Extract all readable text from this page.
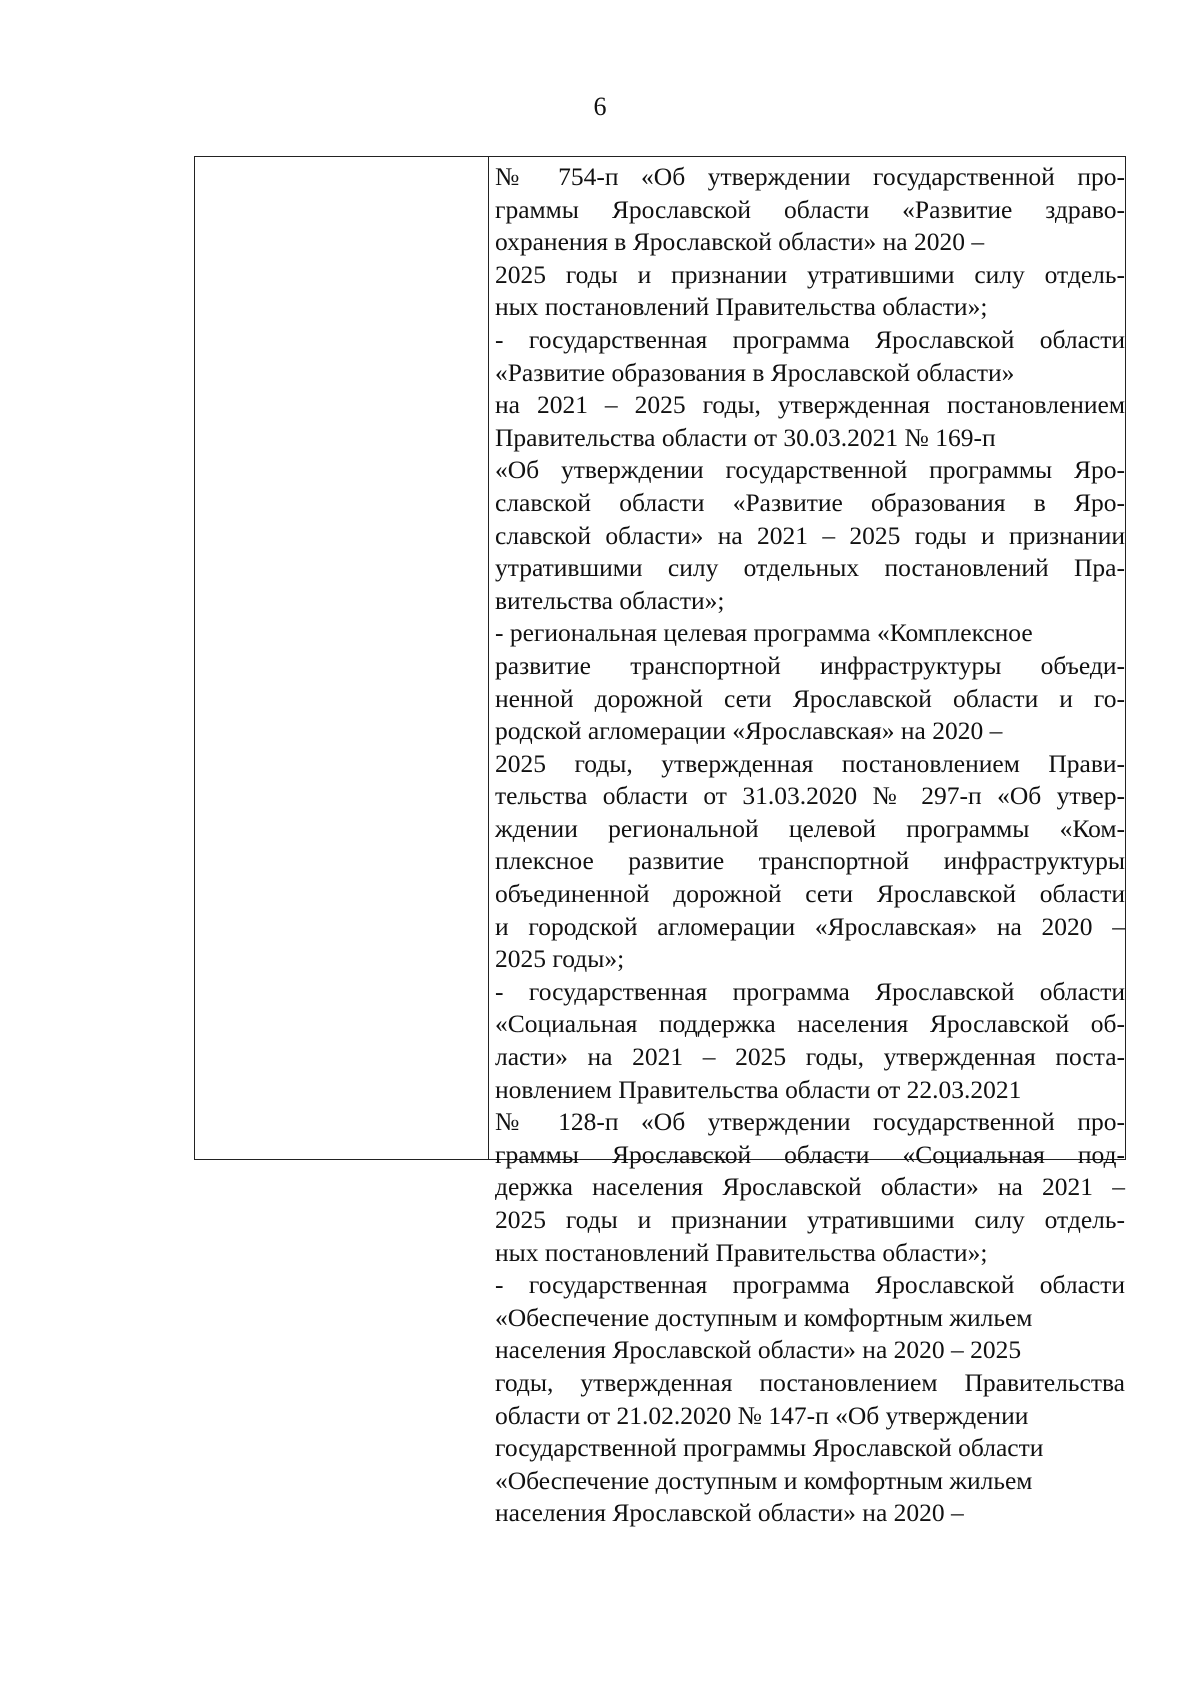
6
№ 754-п «Об утверждении государственной про-
граммы Ярославской области «Развитие здраво-
охранения в Ярославской области» на 2020 –
2025 годы и признании утратившими силу отдель-
ных постановлений Правительства области»;
- государственная программа Ярославской области
«Развитие образования в Ярославской области»
на 2021 – 2025 годы, утвержденная постановлением
Правительства области от 30.03.2021 № 169-п
«Об утверждении государственной программы Яро-
славской области «Развитие образования в Яро-
славской области» на 2021 – 2025 годы и признании
утратившими силу отдельных постановлений Пра-
вительства области»;
- региональная целевая программа «Комплексное
развитие транспортной инфраструктуры объеди-
ненной дорожной сети Ярославской области и го-
родской агломерации «Ярославская» на 2020 –
2025 годы, утвержденная постановлением Прави-
тельства области от 31.03.2020 № 297-п «Об утвер-
ждении региональной целевой программы «Ком-
плексное развитие транспортной инфраструктуры
объединенной дорожной сети Ярославской области
и городской агломерации «Ярославская» на 2020 –
2025 годы»;
- государственная программа Ярославской области
«Социальная поддержка населения Ярославской об-
ласти» на 2021 – 2025 годы, утвержденная поста-
новлением Правительства области от 22.03.2021
№ 128-п «Об утверждении государственной про-
граммы Ярославской области «Социальная под-
держка населения Ярославской области» на 2021 –
2025 годы и признании утратившими силу отдель-
ных постановлений Правительства области»;
- государственная программа Ярославской области
«Обеспечение доступным и комфортным жильем
населения Ярославской области» на 2020 – 2025
годы, утвержденная постановлением Правительства
области от 21.02.2020 № 147-п «Об утверждении
государственной программы Ярославской области
«Обеспечение доступным и комфортным жильем
населения Ярославской области» на 2020 –
